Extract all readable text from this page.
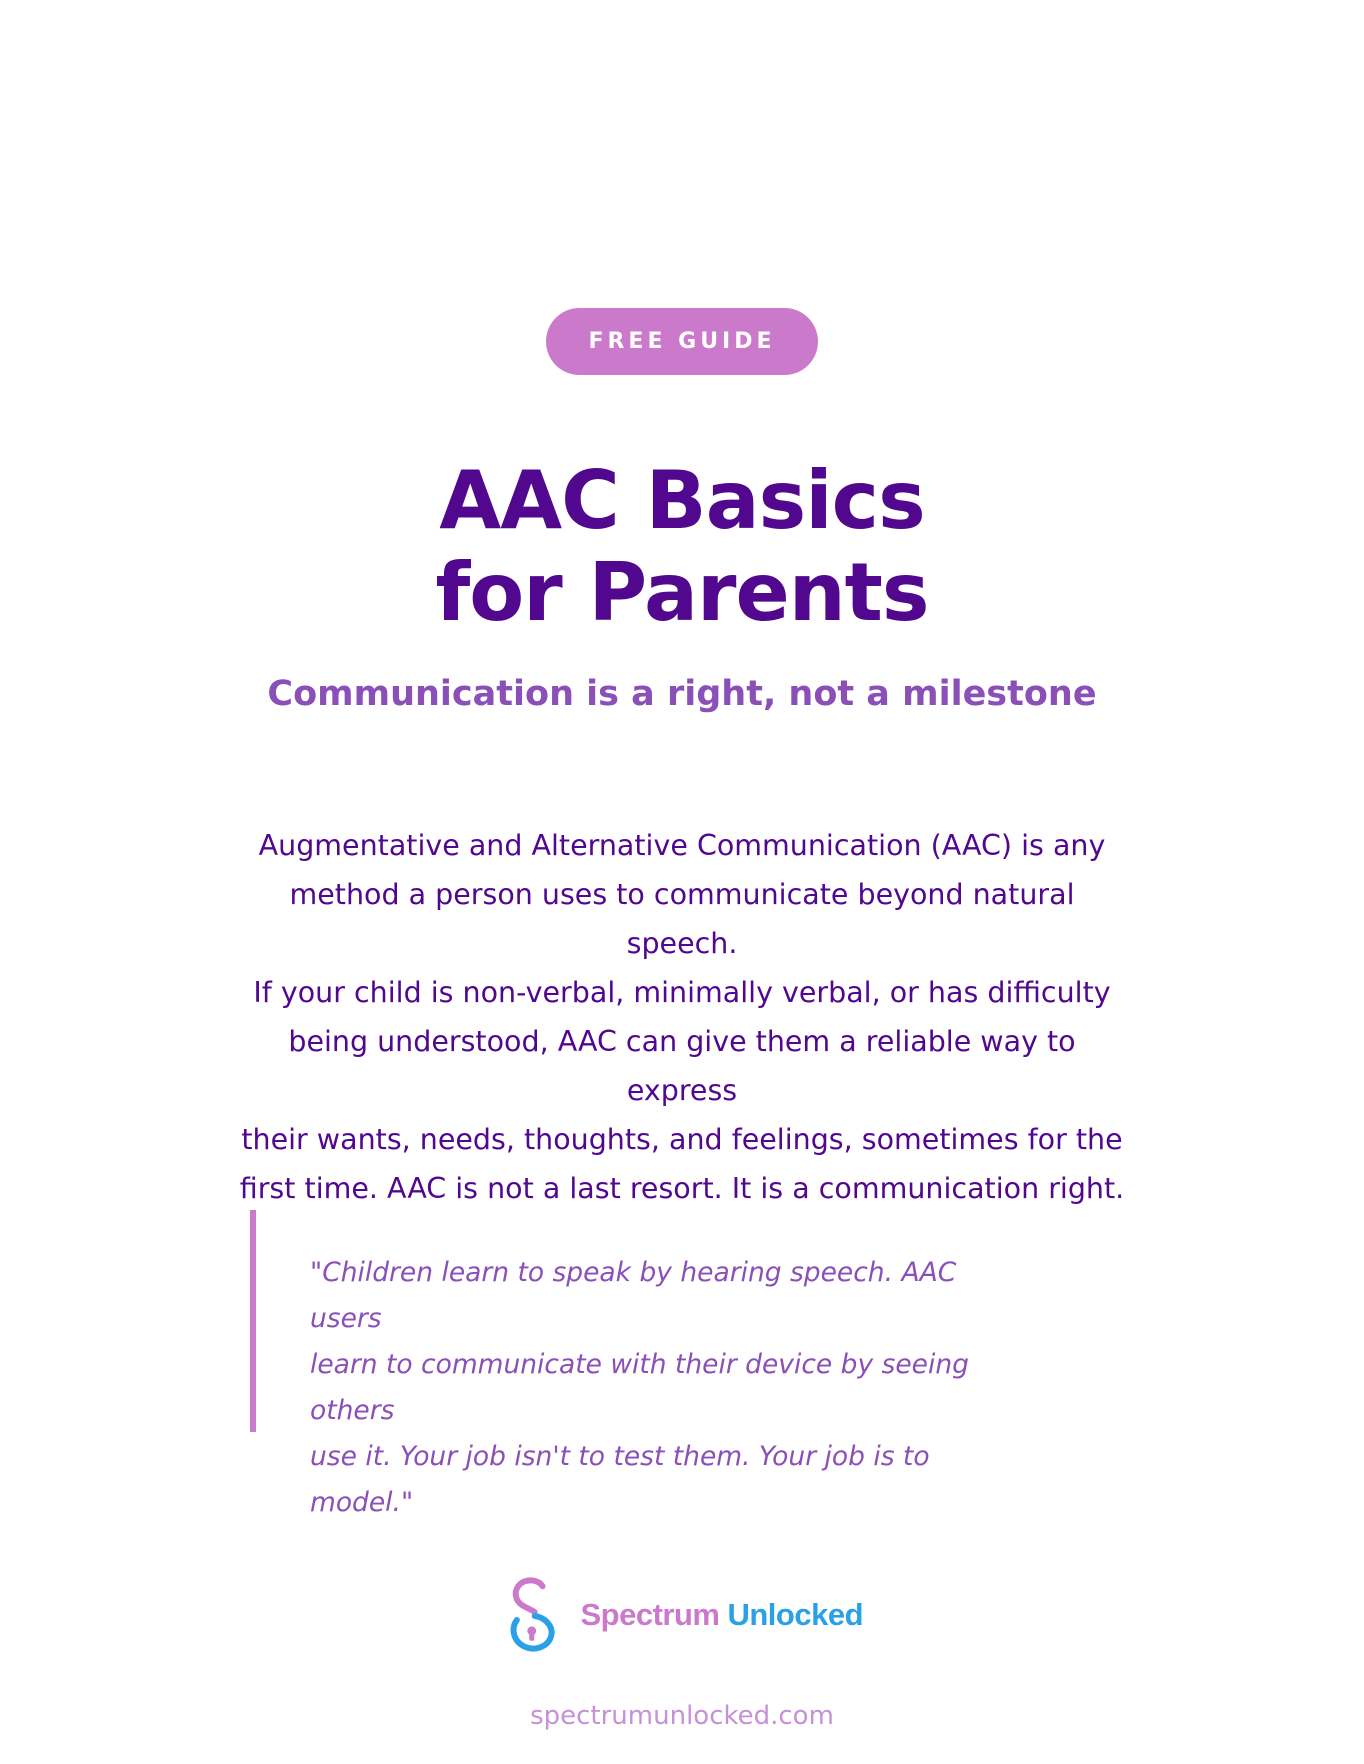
FREE GUIDE
AAC Basics
for Parents
Communication is a right, not a milestone

Augmentative and Alternative Communication (AAC) is any
method a person uses to communicate beyond natural speech.
If your child is non-verbal, minimally verbal, or has difficulty
being understood, AAC can give them a reliable way to express
their wants, needs, thoughts, and feelings, sometimes for the
first time. AAC is not a last resort. It is a communication right.

"Children learn to speak by hearing speech. AAC users
learn to communicate with their device by seeing others
use it. Your job isn't to test them. Your job is to model."

Spectrum Unlocked
spectrumunlocked.com
